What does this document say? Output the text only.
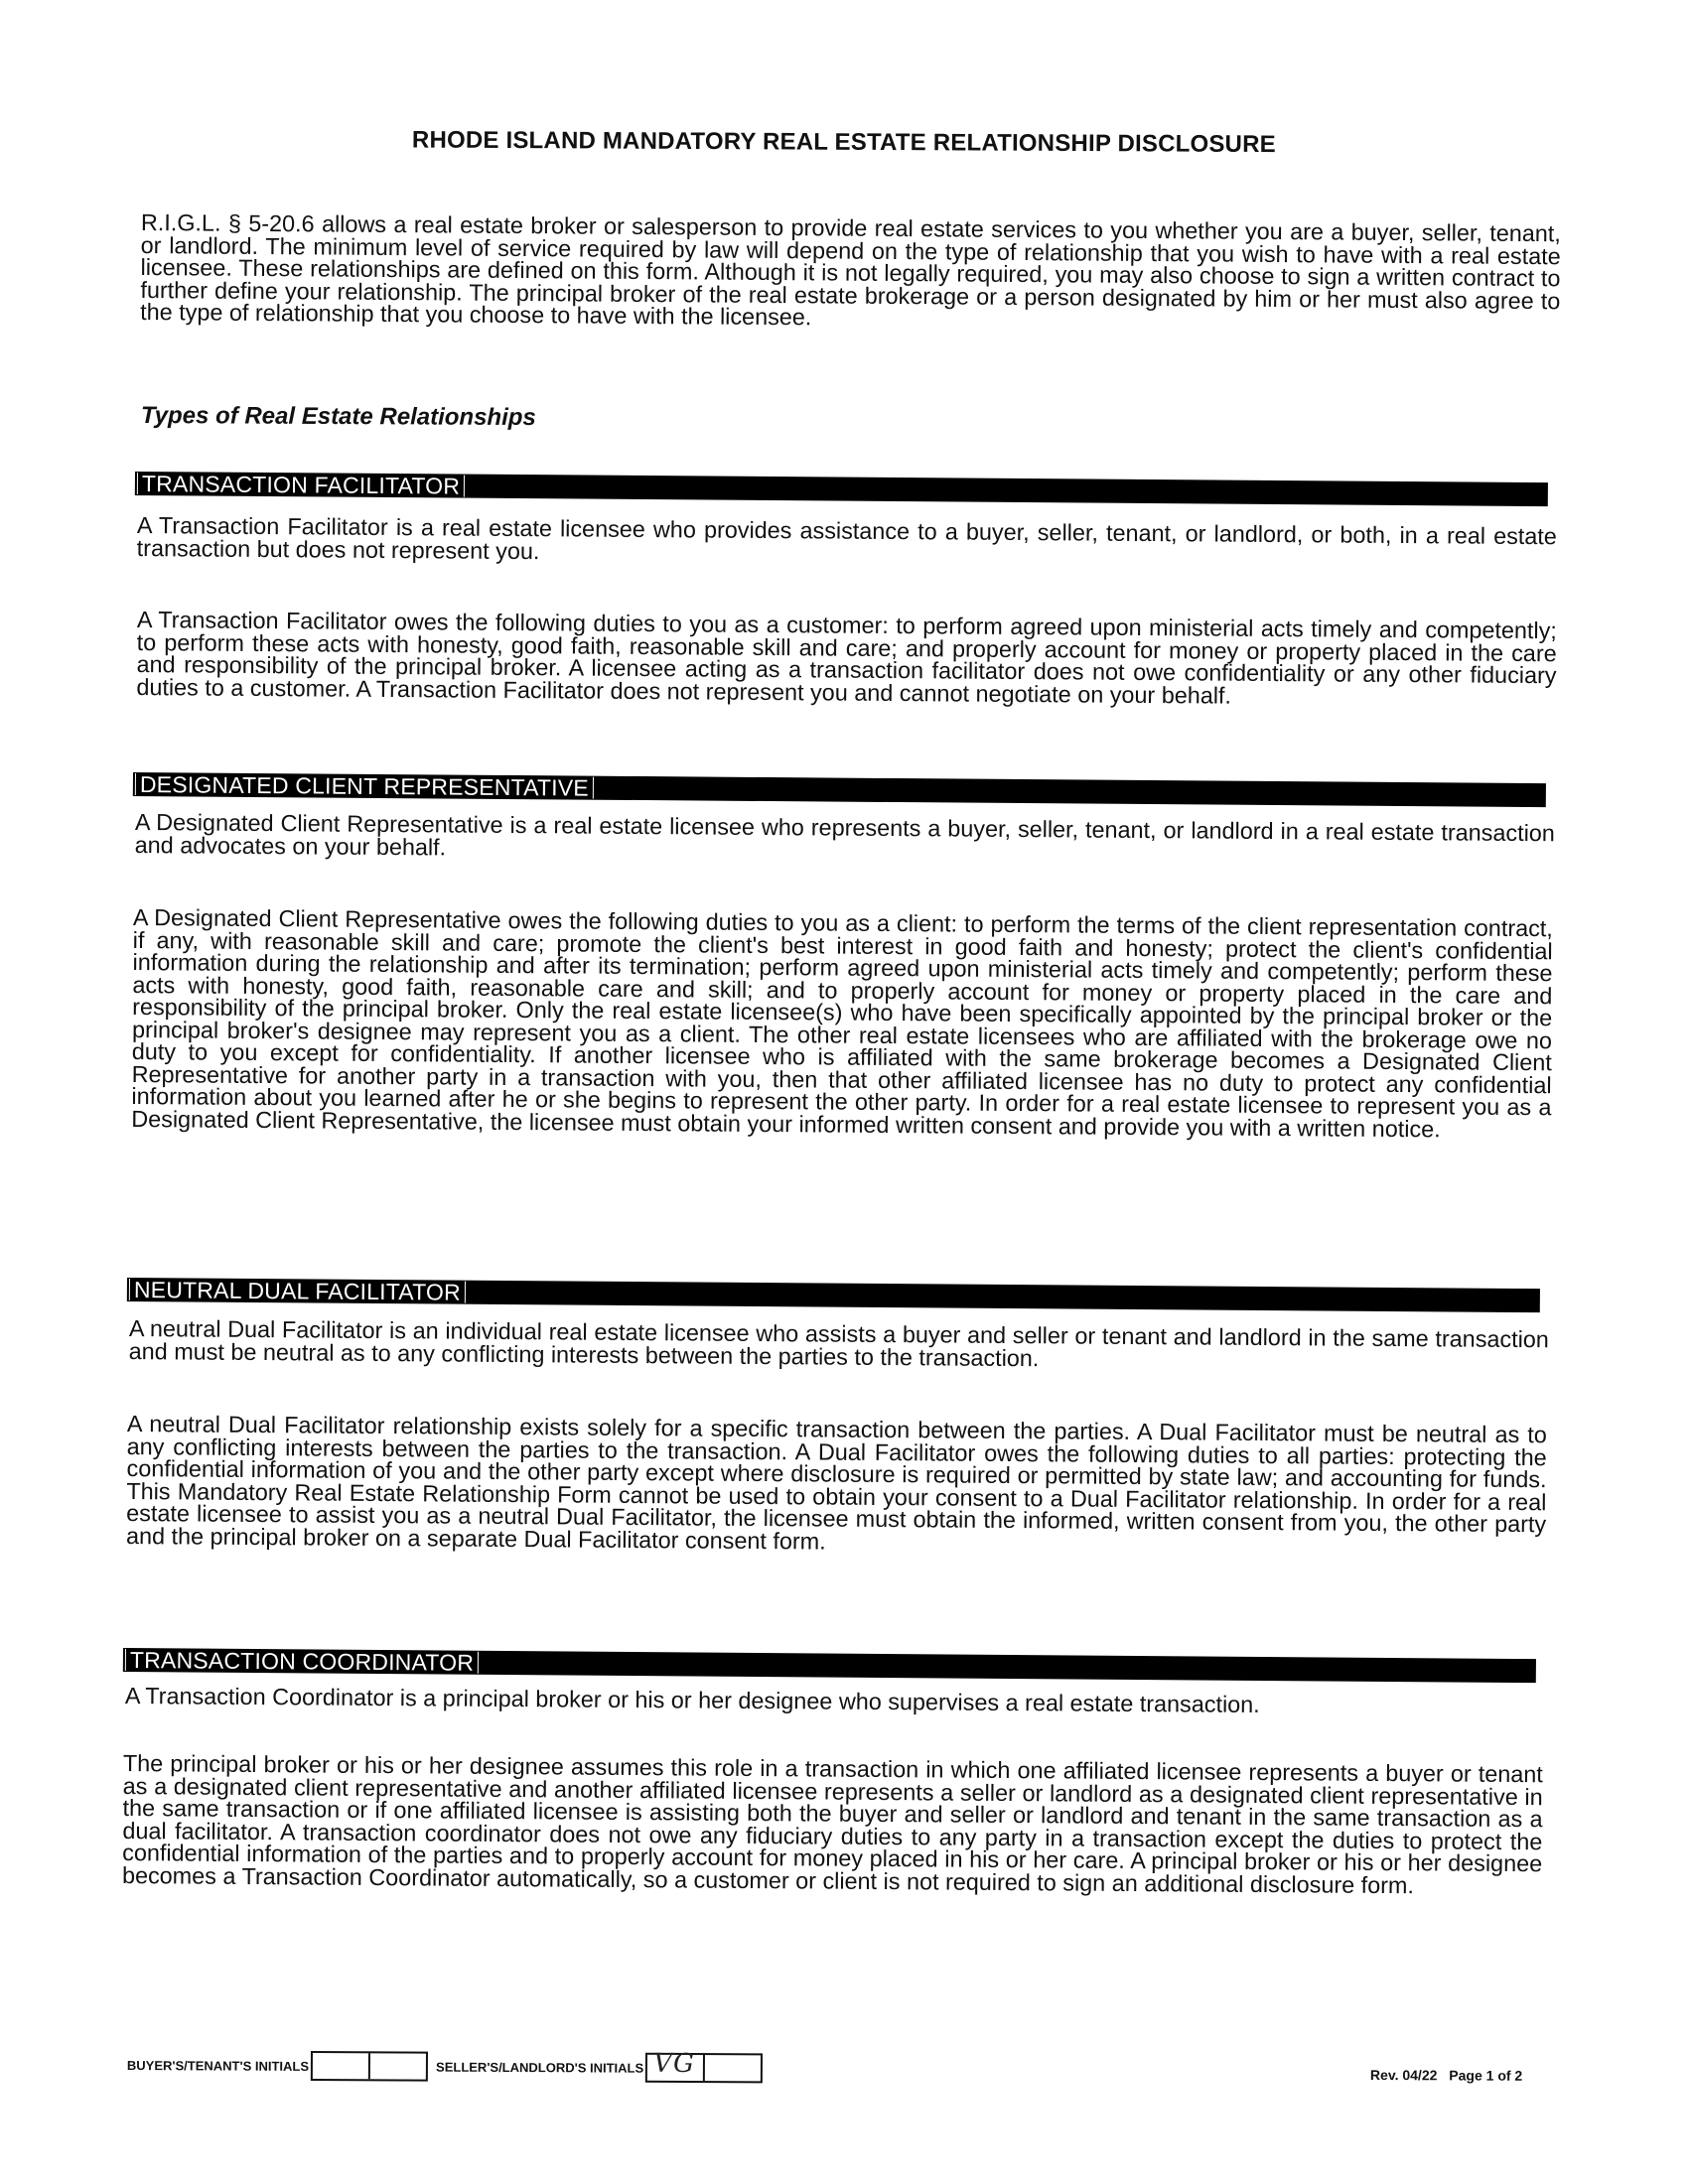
RHODE ISLAND MANDATORY REAL ESTATE RELATIONSHIP DISCLOSURE
R.I.G.L. § 5-20.6 allows a real estate broker or salesperson to provide real estate services to you whether you are a buyer, seller, tenant, or landlord. The minimum level of service required by law will depend on the type of relationship that you wish to have with a real estate licensee. These relationships are defined on this form. Although it is not legally required, you may also choose to sign a written contract to further define your relationship. The principal broker of the real estate brokerage or a person designated by him or her must also agree to the type of relationship that you choose to have with the licensee.
Types of Real Estate Relationships
TRANSACTION FACILITATOR
A Transaction Facilitator is a real estate licensee who provides assistance to a buyer, seller, tenant, or landlord, or both, in a real estate transaction but does not represent you.
A Transaction Facilitator owes the following duties to you as a customer: to perform agreed upon ministerial acts timely and competently; to perform these acts with honesty, good faith, reasonable skill and care; and properly account for money or property placed in the care and responsibility of the principal broker. A licensee acting as a transaction facilitator does not owe confidentiality or any other fiduciary duties to a customer. A Transaction Facilitator does not represent you and cannot negotiate on your behalf.
DESIGNATED CLIENT REPRESENTATIVE
A Designated Client Representative is a real estate licensee who represents a buyer, seller, tenant, or landlord in a real estate transaction and advocates on your behalf.
A Designated Client Representative owes the following duties to you as a client: to perform the terms of the client representation contract, if any, with reasonable skill and care; promote the client's best interest in good faith and honesty; protect the client's confidential information during the relationship and after its termination; perform agreed upon ministerial acts timely and competently; perform these acts with honesty, good faith, reasonable care and skill; and to properly account for money or property placed in the care and responsibility of the principal broker. Only the real estate licensee(s) who have been specifically appointed by the principal broker or the principal broker's designee may represent you as a client. The other real estate licensees who are affiliated with the brokerage owe no duty to you except for confidentiality. If another licensee who is affiliated with the same brokerage becomes a Designated Client Representative for another party in a transaction with you, then that other affiliated licensee has no duty to protect any confidential information about you learned after he or she begins to represent the other party. In order for a real estate licensee to represent you as a Designated Client Representative, the licensee must obtain your informed written consent and provide you with a written notice.
NEUTRAL DUAL FACILITATOR
A neutral Dual Facilitator is an individual real estate licensee who assists a buyer and seller or tenant and landlord in the same transaction and must be neutral as to any conflicting interests between the parties to the transaction.
A neutral Dual Facilitator relationship exists solely for a specific transaction between the parties. A Dual Facilitator must be neutral as to any conflicting interests between the parties to the transaction. A Dual Facilitator owes the following duties to all parties: protecting the confidential information of you and the other party except where disclosure is required or permitted by state law; and accounting for funds. This Mandatory Real Estate Relationship Form cannot be used to obtain your consent to a Dual Facilitator relationship. In order for a real estate licensee to assist you as a neutral Dual Facilitator, the licensee must obtain the informed, written consent from you, the other party and the principal broker on a separate Dual Facilitator consent form.
TRANSACTION COORDINATOR
A Transaction Coordinator is a principal broker or his or her designee who supervises a real estate transaction.
The principal broker or his or her designee assumes this role in a transaction in which one affiliated licensee represents a buyer or tenant as a designated client representative and another affiliated licensee represents a seller or landlord as a designated client representative in the same transaction or if one affiliated licensee is assisting both the buyer and seller or landlord and tenant in the same transaction as a dual facilitator. A transaction coordinator does not owe any fiduciary duties to any party in a transaction except the duties to protect the confidential information of the parties and to properly account for money placed in his or her care. A principal broker or his or her designee becomes a Transaction Coordinator automatically, so a customer or client is not required to sign an additional disclosure form.
BUYER'S/TENANT'S INITIALS	SELLER'S/LANDLORD'S INITIALS VG	Rev. 04/22 Page 1 of 2
